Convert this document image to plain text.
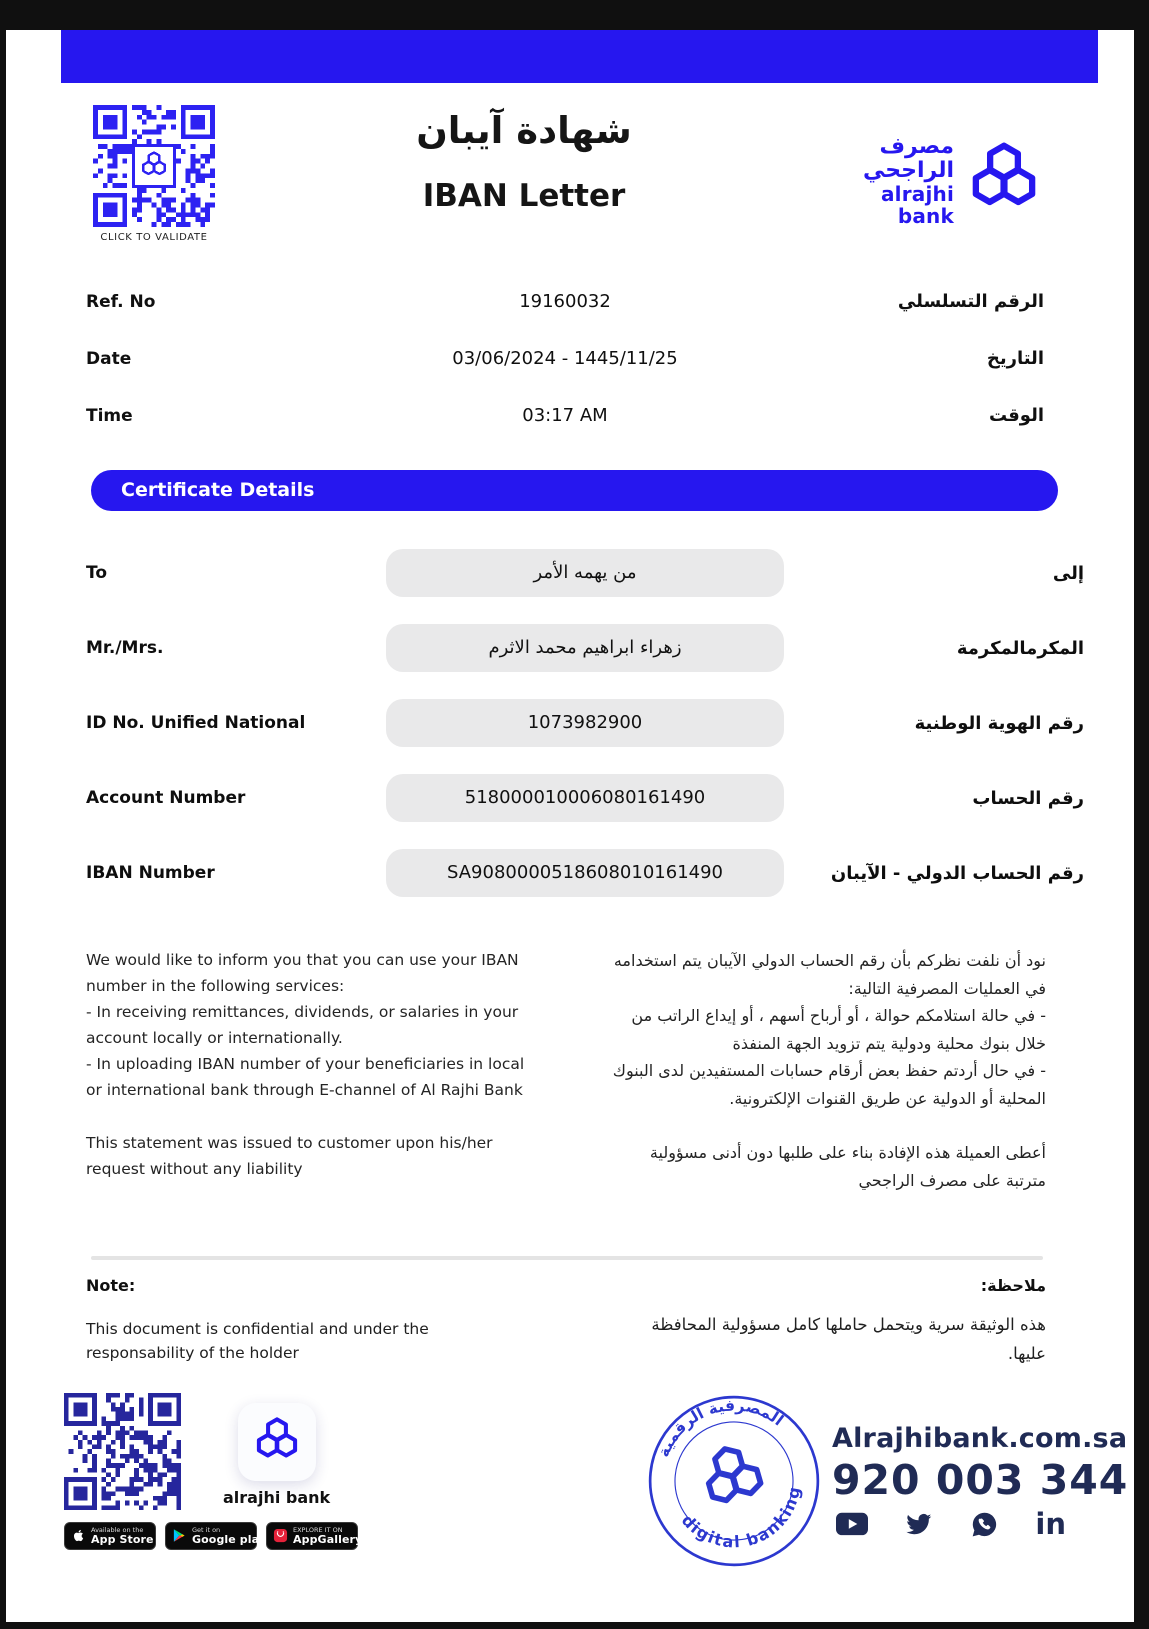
CLICK TO VALIDATE
شهادة آيبان
IBAN Letter
مصرف الراجحي
alrajhi bank
Ref. No	19160032	الرقم التسلسلي
Date	03/06/2024 - 1445/11/25	التاريخ
Time	03:17 AM	الوقت
Certificate Details
To	من يهمه الأمر	إلى
Mr./Mrs.	زهراء ابراهيم محمد الاثرم	المكرمالمكرمة
ID No. Unified National	1073982900	رقم الهوية الوطنية
Account Number	518000010006080161490	رقم الحساب
IBAN Number	SA9080000518608010161490	رقم الحساب الدولي - الآيبان
We would like to inform you that you can use your IBAN number in the following services:
- In receiving remittances, dividends, or salaries in your account locally or internationally.
- In uploading IBAN number of your beneficiaries in local or international bank through E-channel of Al Rajhi Bank
This statement was issued to customer upon his/her request without any liability
نود أن نلفت نظركم بأن رقم الحساب الدولي الآيبان يتم استخدامه في العمليات المصرفية التالية:
- في حالة استلامكم حوالة ، أو أرباح أسهم ، أو إيداع الراتب من خلال بنوك محلية ودولية يتم تزويد الجهة المنفذة
- في حال أردتم حفظ بعض أرقام حسابات المستفيدين لدى البنوك المحلية أو الدولية عن طريق القنوات الإلكترونية.
أعطى العميلة هذه الإفادة بناء على طلبها دون أدنى مسؤولية مترتبة على مصرف الراجحي
Note:
This document is confidential and under the responsability of the holder
ملاحظة:
هذه الوثيقة سرية ويتحمل حاملها كامل مسؤولية المحافظة عليها.
alrajhi bank
Available on the
App Store
Get it on
Google play
EXPLORE IT ON
AppGallery
المصرفية الرقمية
digital banking
Alrajhibank.com.sa
920 003 344
in
